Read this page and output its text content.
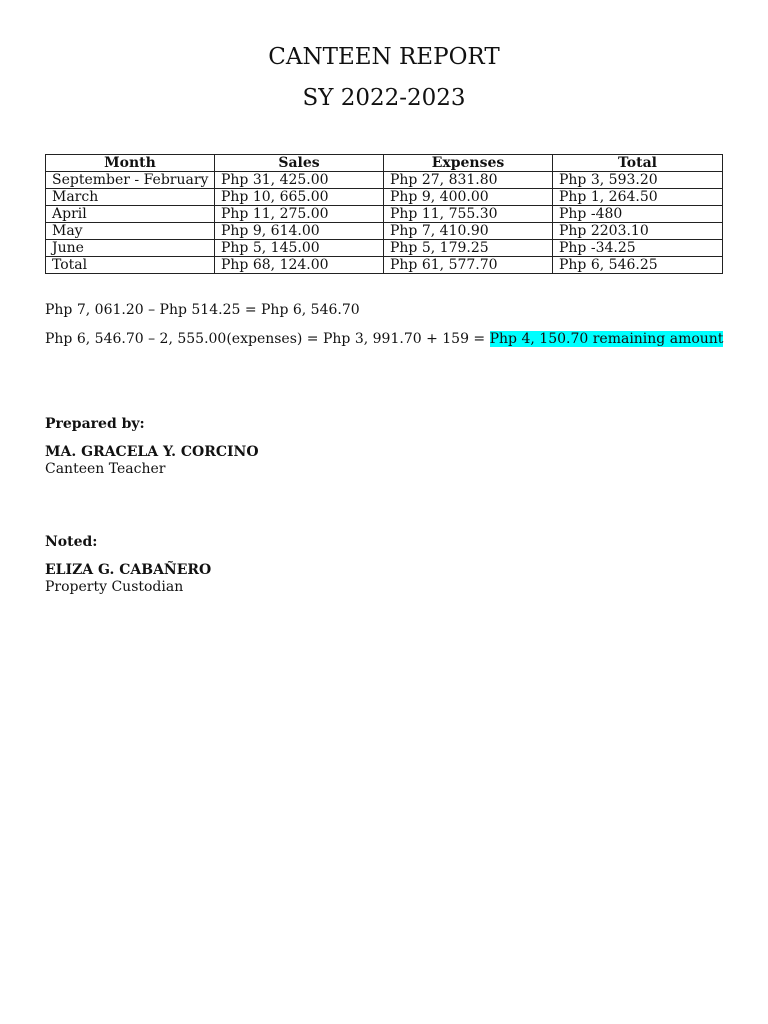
CANTEEN REPORT
SY 2022-2023
Month	Sales	Expenses	Total
September - February	Php 31, 425.00	Php 27, 831.80	Php 3, 593.20
March	Php 10, 665.00	Php 9, 400.00	Php 1, 264.50
April	Php 11, 275.00	Php 11, 755.30	Php -480
May	Php 9, 614.00	Php 7, 410.90	Php 2203.10
June	Php 5, 145.00	Php 5, 179.25	Php -34.25
Total	Php 68, 124.00	Php 61, 577.70	Php 6, 546.25
Php 7, 061.20 – Php 514.25 = Php 6, 546.70
Php 6, 546.70 – 2, 555.00(expenses) = Php 3, 991.70 + 159 = Php 4, 150.70 remaining amount
Prepared by:
MA. GRACELA Y. CORCINO
Canteen Teacher
Noted:
ELIZA G. CABAÑERO
Property Custodian
